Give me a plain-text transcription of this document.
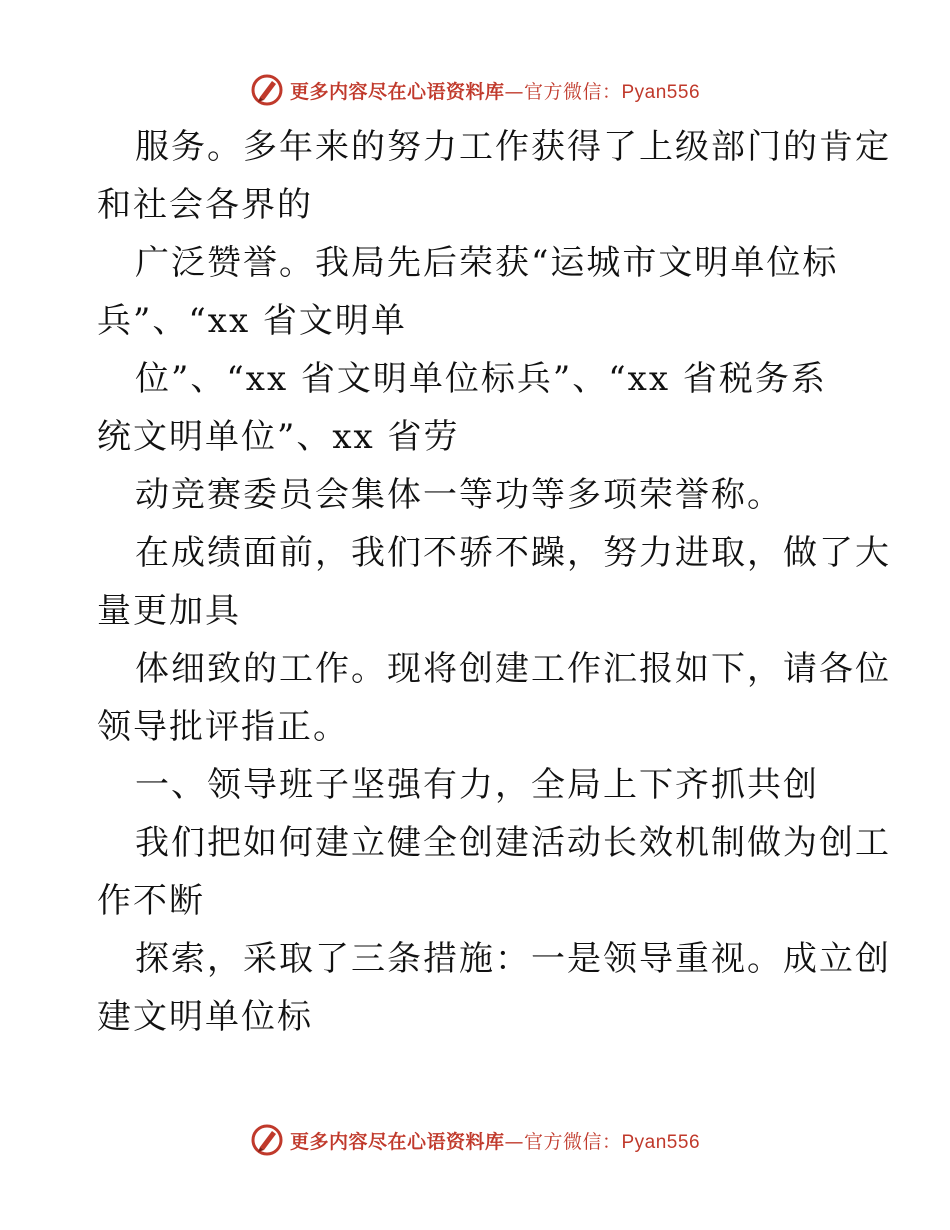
更多内容尽在心语资料库—官方微信：Pyan556
服务。多年来的努力工作获得了上级部门的肯定
和社会各界的
广泛赞誉。我局先后荣获“运城市文明单位标
兵”、“xx 省文明单
位”、“xx 省文明单位标兵”、“xx 省税务系
统文明单位”、xx 省劳
动竞赛委员会集体一等功等多项荣誉称。
在成绩面前，我们不骄不躁，努力进取，做了大
量更加具
体细致的工作。现将创建工作汇报如下，请各位
领导批评指正。
一、领导班子坚强有力，全局上下齐抓共创
我们把如何建立健全创建活动长效机制做为创工
作不断
探索，采取了三条措施：一是领导重视。成立创
建文明单位标
更多内容尽在心语资料库—官方微信：Pyan556
